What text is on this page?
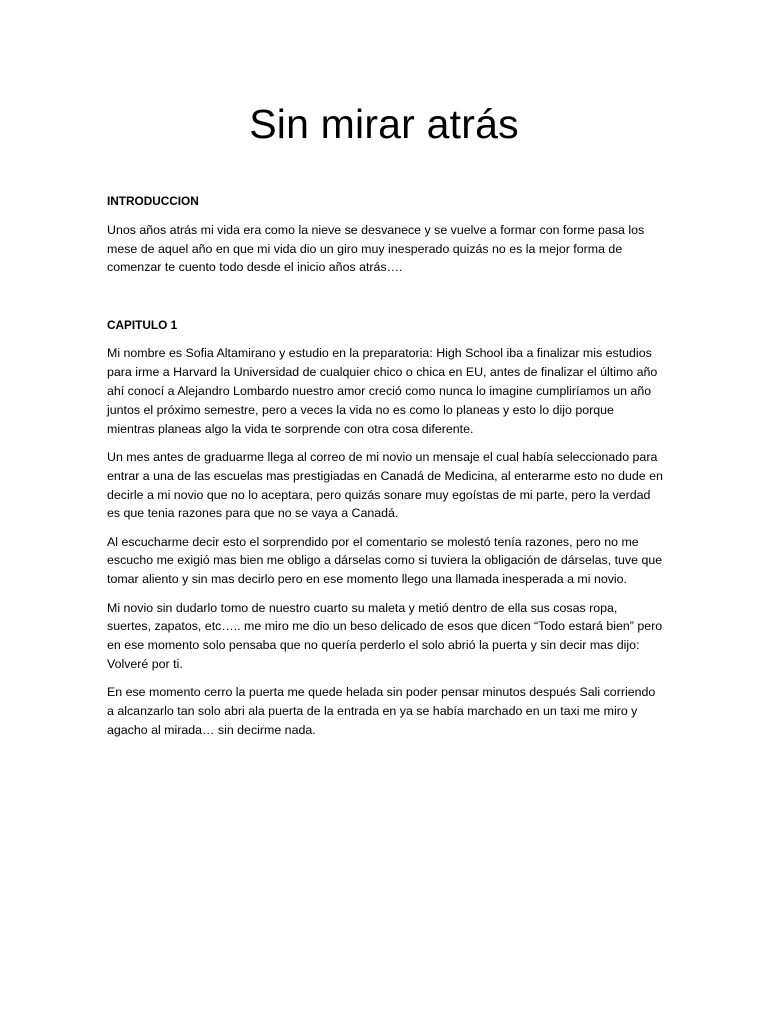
Sin mirar atrás
INTRODUCCION

Unos años atrás mi vida era como la nieve se desvanece y se vuelve a formar con forme pasa los mese de aquel año en que mi vida dio un giro muy inesperado quizás no es la mejor forma de comenzar te cuento todo desde el inicio años atrás….

CAPITULO 1

Mi nombre es Sofia Altamirano y estudio en la preparatoria: High School iba a finalizar mis estudios para irme a Harvard la Universidad de cualquier chico o chica en EU, antes de finalizar el último año ahí conocí a Alejandro Lombardo nuestro amor creció como nunca lo imagine cumpliríamos un año juntos el próximo semestre, pero a veces la vida no es como lo planeas y esto lo dijo porque mientras planeas algo la vida te sorprende con otra cosa diferente.

Un mes antes de graduarme llega al correo de mi novio un mensaje el cual había seleccionado para entrar a una de las escuelas mas prestigiadas en Canadá de Medicina, al enterarme esto no dude en decirle a mi novio que no lo aceptara, pero quizás sonare muy egoístas de mi parte, pero la verdad es que tenia razones para que no se vaya a Canadá.

Al escucharme decir esto el sorprendido por el comentario se molestó tenía razones, pero no me escucho me exigió mas bien me obligo a dárselas como si tuviera la obligación de dárselas, tuve que tomar aliento y sin mas decirlo pero en ese momento llego una llamada inesperada a mi novio.

Mi novio sin dudarlo tomo de nuestro cuarto su maleta y metió dentro de ella sus cosas ropa, suertes, zapatos, etc….. me miro me dio un beso delicado de esos que dicen “Todo estará bien” pero en ese momento solo pensaba que no quería perderlo el solo abrió la puerta y sin decir mas dijo: Volveré por ti.

En ese momento cerro la puerta me quede helada sin poder pensar minutos después Sali corriendo a alcanzarlo tan solo abri ala puerta de la entrada en ya se había marchado en un taxi me miro y agacho al mirada… sin decirme nada.
